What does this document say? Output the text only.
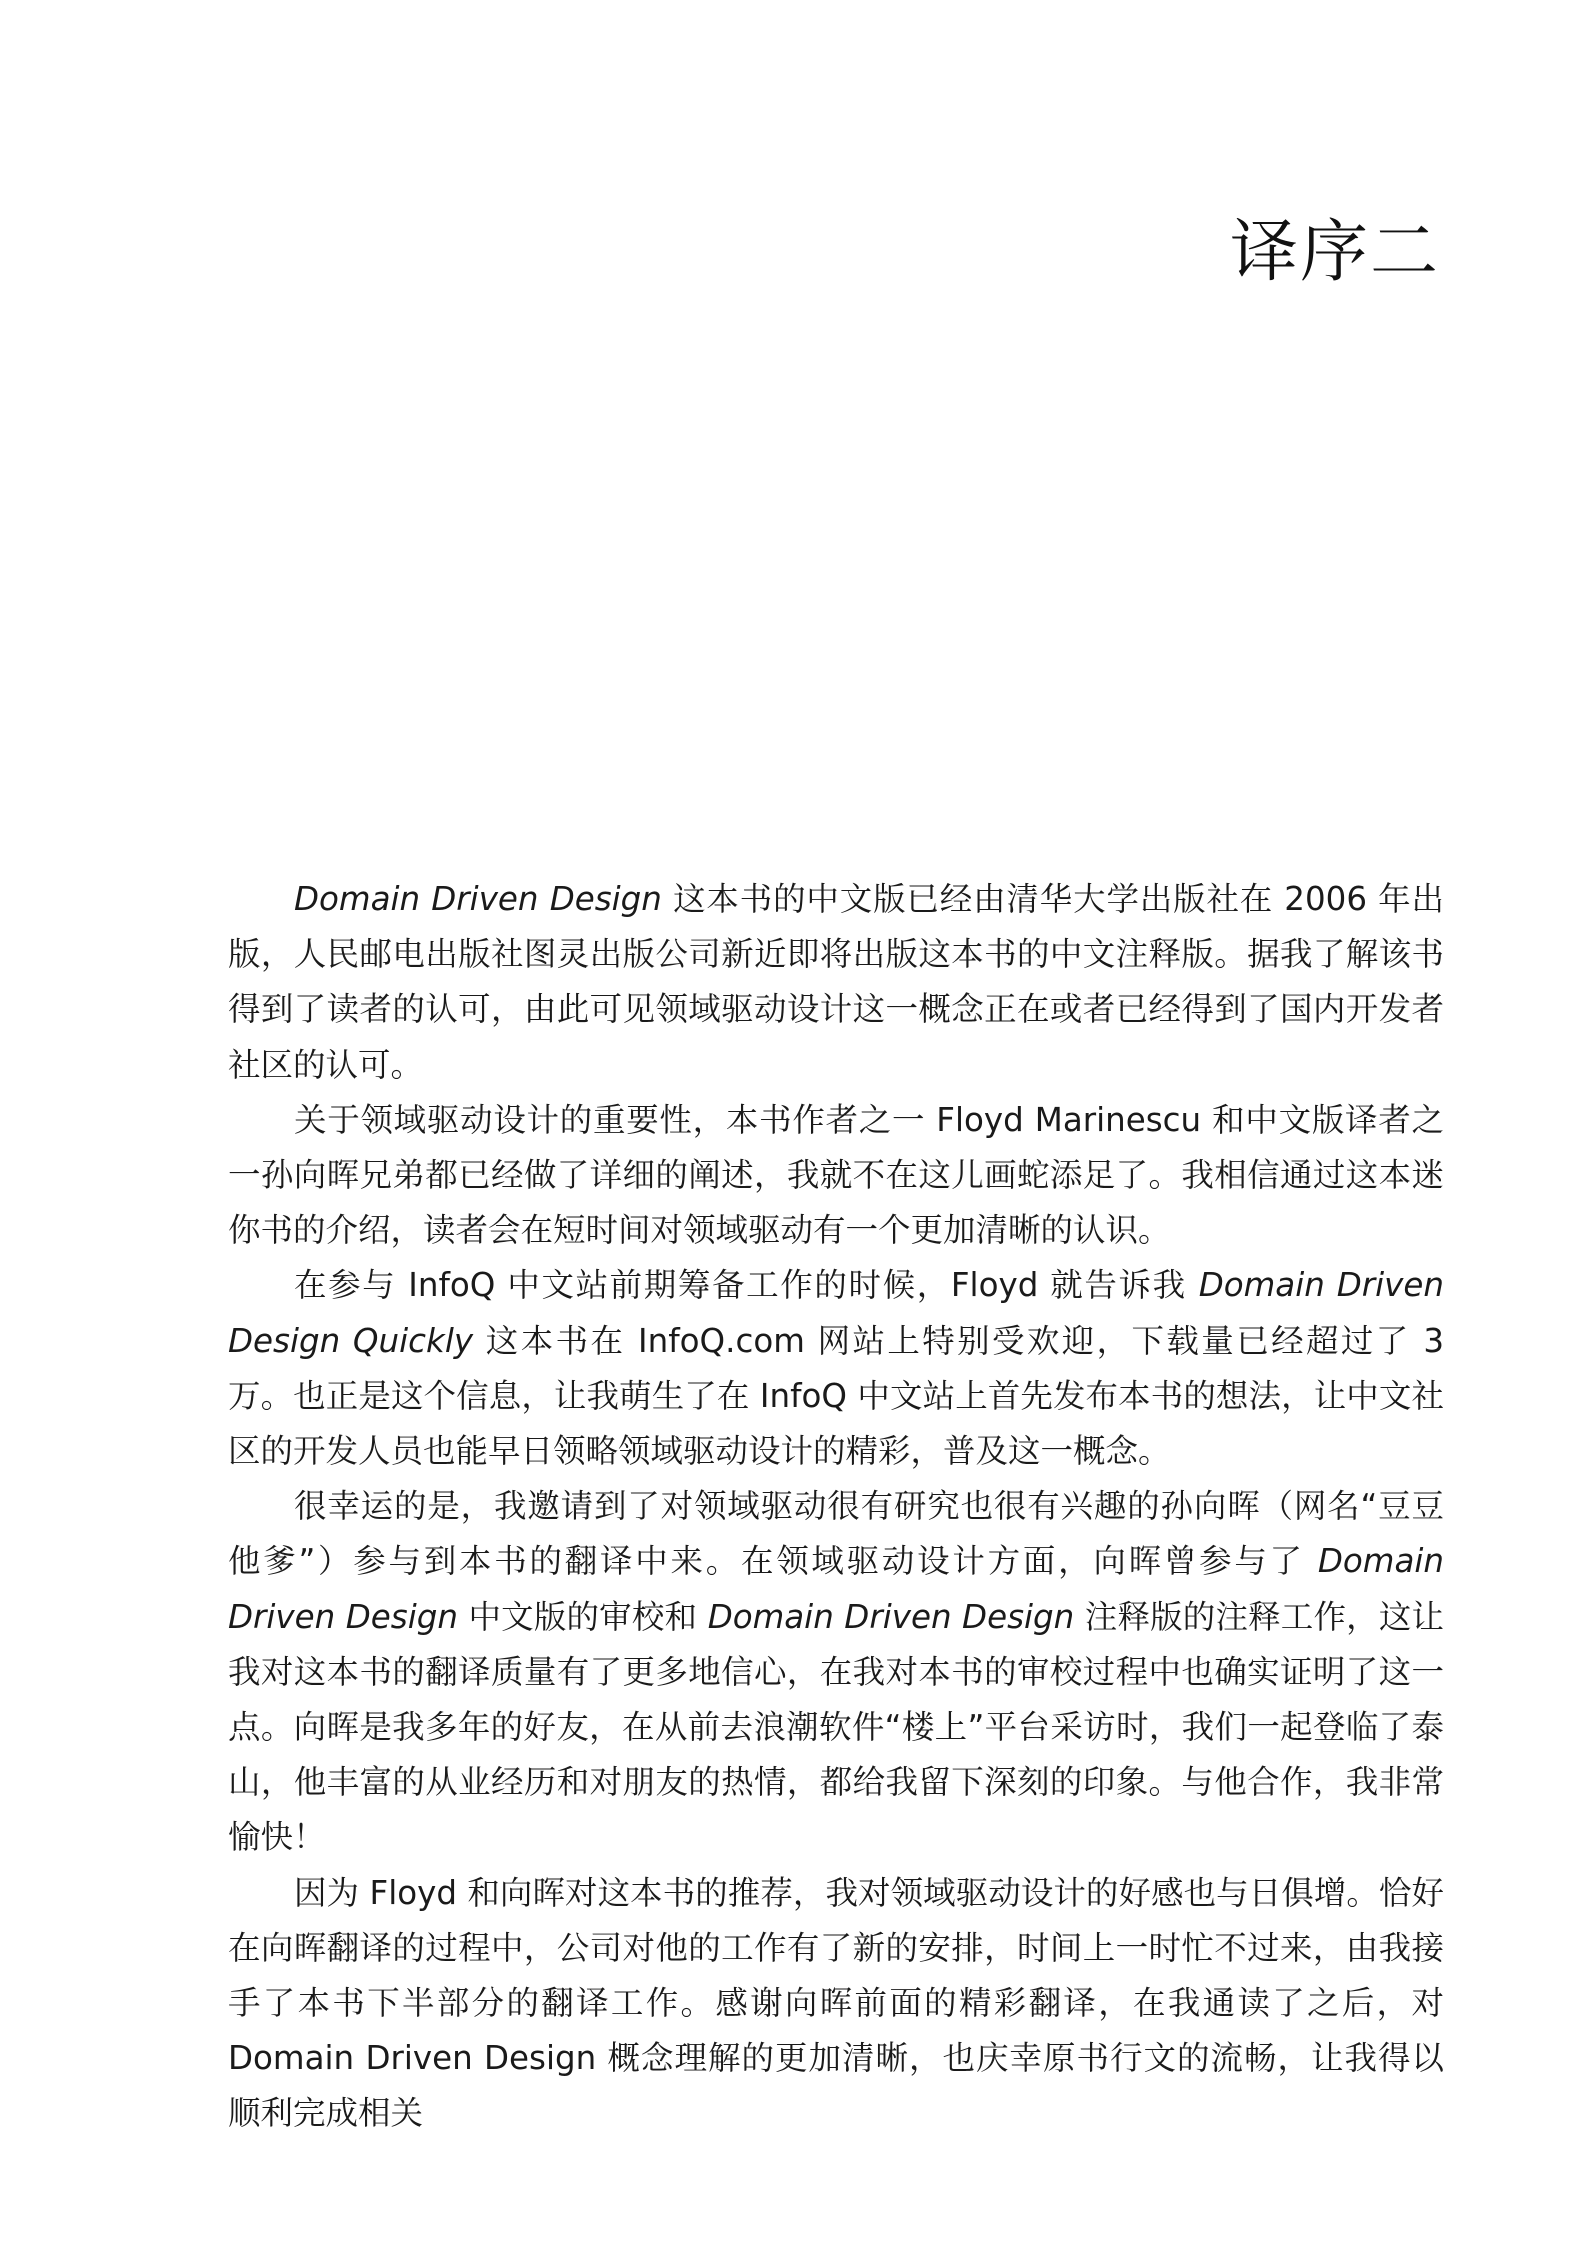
译序二

Domain Driven Design 这本书的中文版已经由清华大学出版社在 2006 年出版，人民邮电出版社图灵出版公司新近即将出版这本书的中文注释版。据我了解该书得到了读者的认可，由此可见领域驱动设计这一概念正在或者已经得到了国内开发者社区的认可。

关于领域驱动设计的重要性，本书作者之一 Floyd Marinescu 和中文版译者之一孙向晖兄弟都已经做了详细的阐述，我就不在这儿画蛇添足了。我相信通过这本迷你书的介绍，读者会在短时间对领域驱动有一个更加清晰的认识。

在参与 InfoQ 中文站前期筹备工作的时候，Floyd 就告诉我 Domain Driven Design Quickly 这本书在 InfoQ.com 网站上特别受欢迎，下载量已经超过了 3 万。也正是这个信息，让我萌生了在 InfoQ 中文站上首先发布本书的想法，让中文社区的开发人员也能早日领略领域驱动设计的精彩，普及这一概念。

很幸运的是，我邀请到了对领域驱动很有研究也很有兴趣的孙向晖（网名“豆豆他爹”）参与到本书的翻译中来。在领域驱动设计方面，向晖曾参与了 Domain Driven Design 中文版的审校和 Domain Driven Design 注释版的注释工作，这让我对这本书的翻译质量有了更多地信心，在我对本书的审校过程中也确实证明了这一点。向晖是我多年的好友，在从前去浪潮软件“楼上”平台采访时，我们一起登临了泰山，他丰富的从业经历和对朋友的热情，都给我留下深刻的印象。与他合作，我非常愉快！

因为 Floyd 和向晖对这本书的推荐，我对领域驱动设计的好感也与日俱增。恰好在向晖翻译的过程中，公司对他的工作有了新的安排，时间上一时忙不过来，由我接手了本书下半部分的翻译工作。感谢向晖前面的精彩翻译，在我通读了之后，对 Domain Driven Design 概念理解的更加清晰，也庆幸原书行文的流畅，让我得以顺利完成相关
